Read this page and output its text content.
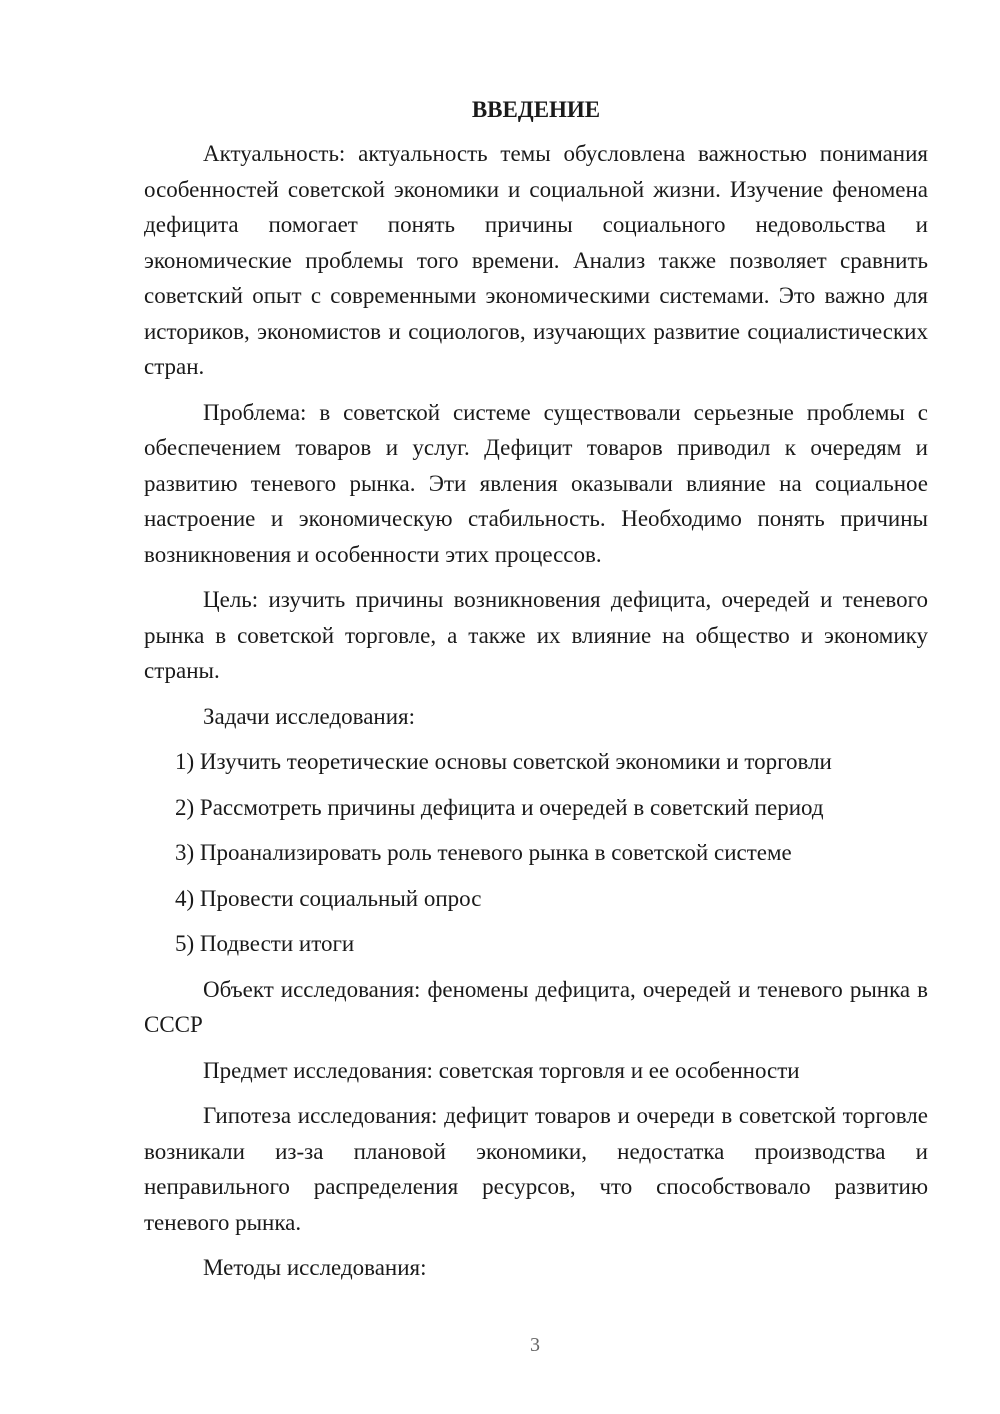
ВВЕДЕНИЕ

Актуальность: актуальность темы обусловлена важностью понимания особенностей советской экономики и социальной жизни. Изучение феномена дефицита помогает понять причины социального недовольства и экономические проблемы того времени. Анализ также позволяет сравнить советский опыт с современными экономическими системами. Это важно для историков, экономистов и социологов, изучающих развитие социалистических стран.

Проблема: в советской системе существовали серьезные проблемы с обеспечением товаров и услуг. Дефицит товаров приводил к очередям и развитию теневого рынка. Эти явления оказывали влияние на социальное настроение и экономическую стабильность. Необходимо понять причины возникновения и особенности этих процессов.

Цель: изучить причины возникновения дефицита, очередей и теневого рынка в советской торговле, а также их влияние на общество и экономику страны.

Задачи исследования:

1) Изучить теоретические основы советской экономики и торговли
2) Рассмотреть причины дефицита и очередей в советский период
3) Проанализировать роль теневого рынка в советской системе
4) Провести социальный опрос
5) Подвести итоги

Объект исследования: феномены дефицита, очередей и теневого рынка в СССР

Предмет исследования: советская торговля и ее особенности

Гипотеза исследования: дефицит товаров и очереди в советской торговле возникали из-за плановой экономики, недостатка производства и неправильного распределения ресурсов, что способствовало развитию теневого рынка.

Методы исследования:

3
